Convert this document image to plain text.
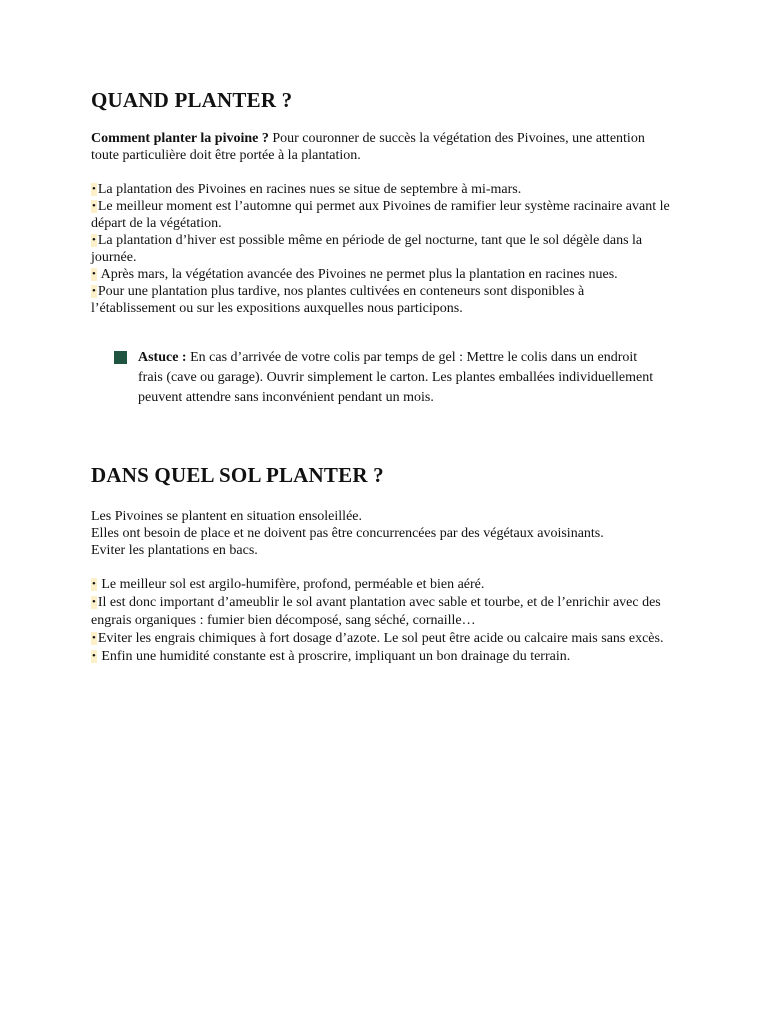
QUAND PLANTER ?

Comment planter la pivoine ? Pour couronner de succès la végétation des Pivoines, une attention toute particulière doit être portée à la plantation.

• La plantation des Pivoines en racines nues se situe de septembre à mi-mars.
• Le meilleur moment est l’automne qui permet aux Pivoines de ramifier leur système racinaire avant le départ de la végétation.
• La plantation d’hiver est possible même en période de gel nocturne, tant que le sol dégèle dans la journée.
• Après mars, la végétation avancée des Pivoines ne permet plus la plantation en racines nues.
• Pour une plantation plus tardive, nos plantes cultivées en conteneurs sont disponibles à l’établissement ou sur les expositions auxquelles nous participons.

Astuce : En cas d’arrivée de votre colis par temps de gel : Mettre le colis dans un endroit frais (cave ou garage). Ouvrir simplement le carton. Les plantes emballées individuellement peuvent attendre sans inconvénient pendant un mois.

DANS QUEL SOL PLANTER ?

Les Pivoines se plantent en situation ensoleillée.

Elles ont besoin de place et ne doivent pas être concurrencées par des végétaux avoisinants.

Eviter les plantations en bacs.

• Le meilleur sol est argilo-humifère, profond, perméable et bien aéré.
• Il est donc important d’ameublir le sol avant plantation avec sable et tourbe, et de l’enrichir avec des engrais organiques : fumier bien décomposé, sang séché, cornaille…
• Eviter les engrais chimiques à fort dosage d’azote. Le sol peut être acide ou calcaire mais sans excès.
• Enfin une humidité constante est à proscrire, impliquant un bon drainage du terrain.
